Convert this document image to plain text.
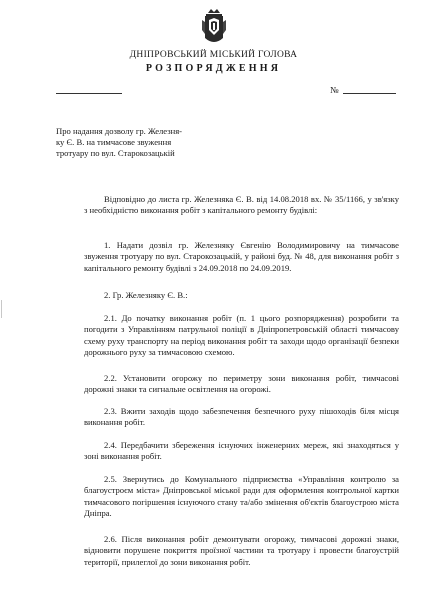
ДНІПРОВСЬКИЙ МІСЬКИЙ ГОЛОВА
РОЗПОРЯДЖЕННЯ
№
Про надання дозволу гр. Железня-
ку Є. В. на тимчасове звуження
тротуару по вул. Старокозацькій
Відповідно до листа гр. Железняка Є. В. від 14.08.2018 вх. № 35/1166, у зв'язку з необхідністю виконання робіт з капітального ремонту будівлі:
1. Надати дозвіл гр. Железняку Євгенію Володимировичу на тимчасове звуження тротуару по вул. Старокозацькій, у районі буд. № 48, для виконання робіт з капітального ремонту будівлі з 24.09.2018 по 24.09.2019.
2. Гр. Железняку Є. В.:
2.1. До початку виконання робіт (п. 1 цього розпорядження) розробити та погодити з Управлінням патрульної поліції в Дніпропетровській області тимчасову схему руху транспорту на період виконання робіт та заходи щодо організації безпеки дорожнього руху за тимчасовою схемою.
2.2. Установити огорожу по периметру зони виконання робіт, тимчасові дорожні знаки та сигнальне освітлення на огорожі.
2.3. Вжити заходів щодо забезпечення безпечного руху пішоходів біля місця виконання робіт.
2.4. Передбачити збереження існуючих інженерних мереж, які знаходяться у зоні виконання робіт.
2.5. Звернутись до Комунального підприємства «Управління контролю за благоустроєм міста» Дніпровської міської ради для оформлення контрольної картки тимчасового погіршення існуючого стану та/або змінення об'єктів благоустрою міста Дніпра.
2.6. Після виконання робіт демонтувати огорожу, тимчасові дорожні знаки, відновити порушене покриття проїзної частини та тротуару і провести благоустрій території, прилеглої до зони виконання робіт.
